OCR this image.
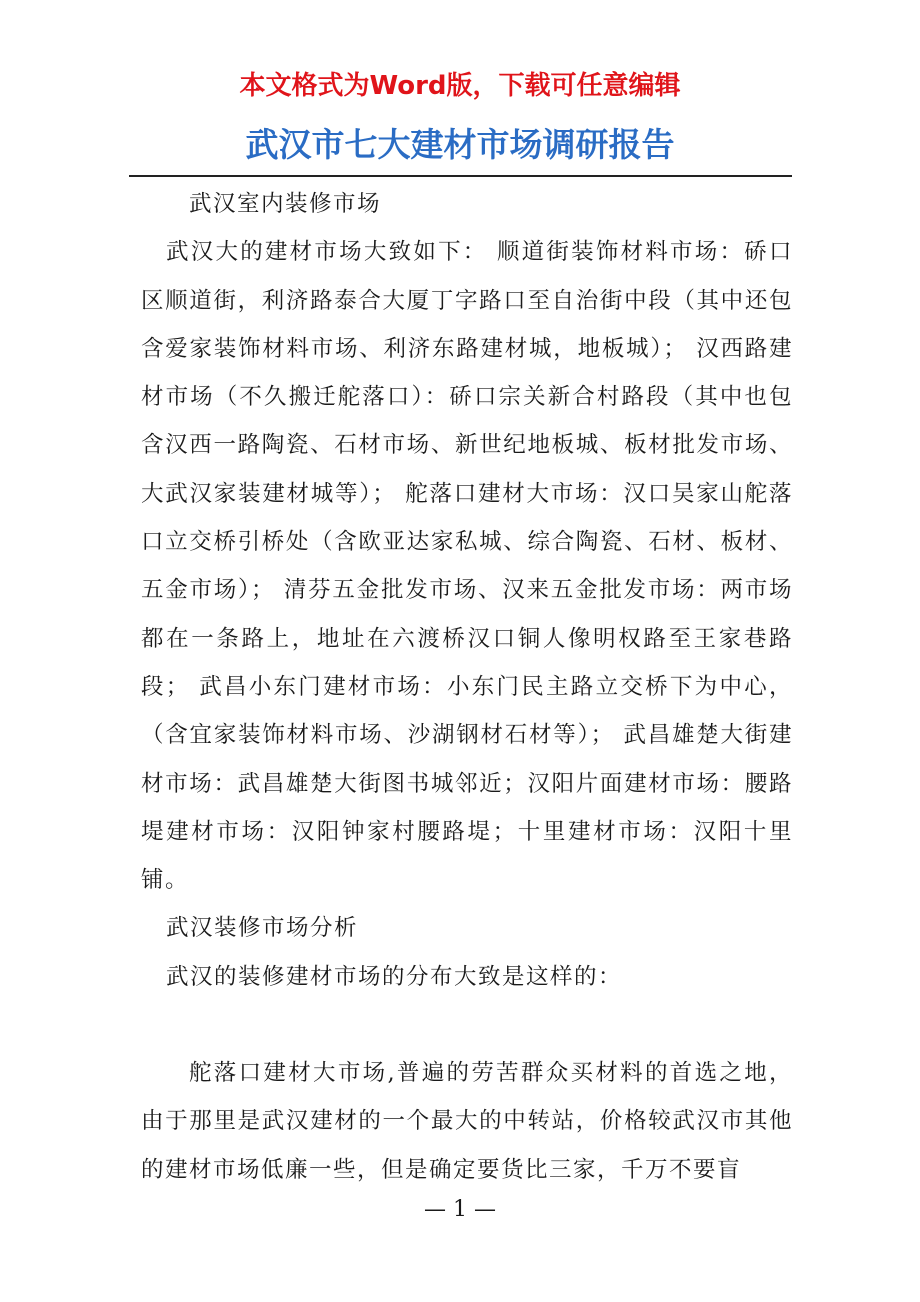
本文格式为Word版，下载可任意编辑
武汉市七大建材市场调研报告

武汉室内装修市场

武汉大的建材市场大致如下： 顺道街装饰材料市场：硚口区顺道街，利济路泰合大厦丁字路口至自治街中段（其中还包含爱家装饰材料市场、利济东路建材城，地板城）； 汉西路建材市场（不久搬迁舵落口）：硚口宗关新合村路段（其中也包含汉西一路陶瓷、石材市场、新世纪地板城、板材批发市场、大武汉家装建材城等）； 舵落口建材大市场：汉口吴家山舵落口立交桥引桥处（含欧亚达家私城、综合陶瓷、石材、板材、五金市场）； 清芬五金批发市场、汉来五金批发市场：两市场都在一条路上，地址在六渡桥汉口铜人像明权路至王家巷路段； 武昌小东门建材市场：小东门民主路立交桥下为中心，（含宜家装饰材料市场、沙湖钢材石材等）； 武昌雄楚大街建材市场：武昌雄楚大街图书城邻近；汉阳片面建材市场：腰路堤建材市场：汉阳钟家村腰路堤；十里建材市场：汉阳十里铺。

武汉装修市场分析

武汉的装修建材市场的分布大致是这样的：

舵落口建材大市场,普遍的劳苦群众买材料的首选之地，由于那里是武汉建材的一个最大的中转站，价格较武汉市其他的建材市场低廉一些，但是确定要货比三家，千万不要盲

— 1 —
